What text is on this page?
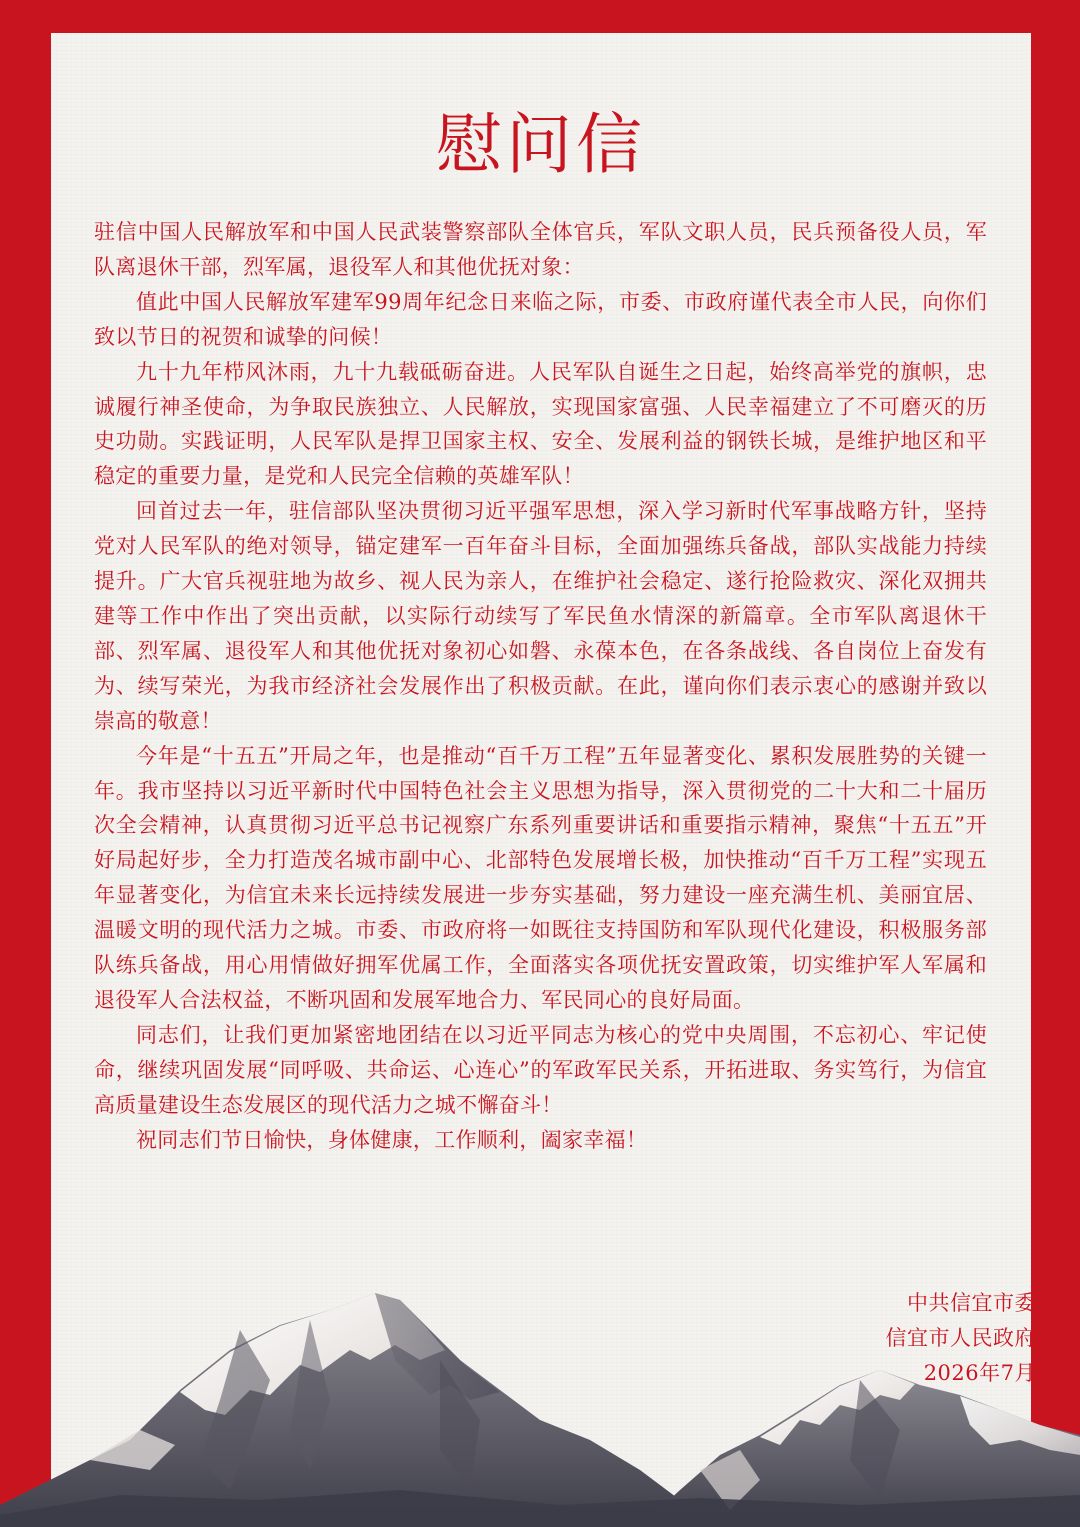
慰问信

驻信中国人民解放军和中国人民武装警察部队全体官兵，军队文职人员，民兵预备役人员，军队离退休干部，烈军属，退役军人和其他优抚对象：

值此中国人民解放军建军99周年纪念日来临之际，市委、市政府谨代表全市人民，向你们致以节日的祝贺和诚挚的问候！

九十九年栉风沐雨，九十九载砥砺奋进。人民军队自诞生之日起，始终高举党的旗帜，忠诚履行神圣使命，为争取民族独立、人民解放，实现国家富强、人民幸福建立了不可磨灭的历史功勋。实践证明，人民军队是捍卫国家主权、安全、发展利益的钢铁长城，是维护地区和平稳定的重要力量，是党和人民完全信赖的英雄军队！

回首过去一年，驻信部队坚决贯彻习近平强军思想，深入学习新时代军事战略方针，坚持党对人民军队的绝对领导，锚定建军一百年奋斗目标，全面加强练兵备战，部队实战能力持续提升。广大官兵视驻地为故乡、视人民为亲人，在维护社会稳定、遂行抢险救灾、深化双拥共建等工作中作出了突出贡献，以实际行动续写了军民鱼水情深的新篇章。全市军队离退休干部、烈军属、退役军人和其他优抚对象初心如磐、永葆本色，在各条战线、各自岗位上奋发有为、续写荣光，为我市经济社会发展作出了积极贡献。在此，谨向你们表示衷心的感谢并致以崇高的敬意！

今年是“十五五”开局之年，也是推动“百千万工程”五年显著变化、累积发展胜势的关键一年。我市坚持以习近平新时代中国特色社会主义思想为指导，深入贯彻党的二十大和二十届历次全会精神，认真贯彻习近平总书记视察广东系列重要讲话和重要指示精神，聚焦“十五五”开好局起好步，全力打造茂名城市副中心、北部特色发展增长极，加快推动“百千万工程”实现五年显著变化，为信宜未来长远持续发展进一步夯实基础，努力建设一座充满生机、美丽宜居、温暖文明的现代活力之城。市委、市政府将一如既往支持国防和军队现代化建设，积极服务部队练兵备战，用心用情做好拥军优属工作，全面落实各项优抚安置政策，切实维护军人军属和退役军人合法权益，不断巩固和发展军地合力、军民同心的良好局面。

同志们，让我们更加紧密地团结在以习近平同志为核心的党中央周围，不忘初心、牢记使命，继续巩固发展“同呼吸、共命运、心连心”的军政军民关系，开拓进取、务实笃行，为信宜高质量建设生态发展区的现代活力之城不懈奋斗！

祝同志们节日愉快，身体健康，工作顺利，阖家幸福！

中共信宜市委
信宜市人民政府
2026年7月
